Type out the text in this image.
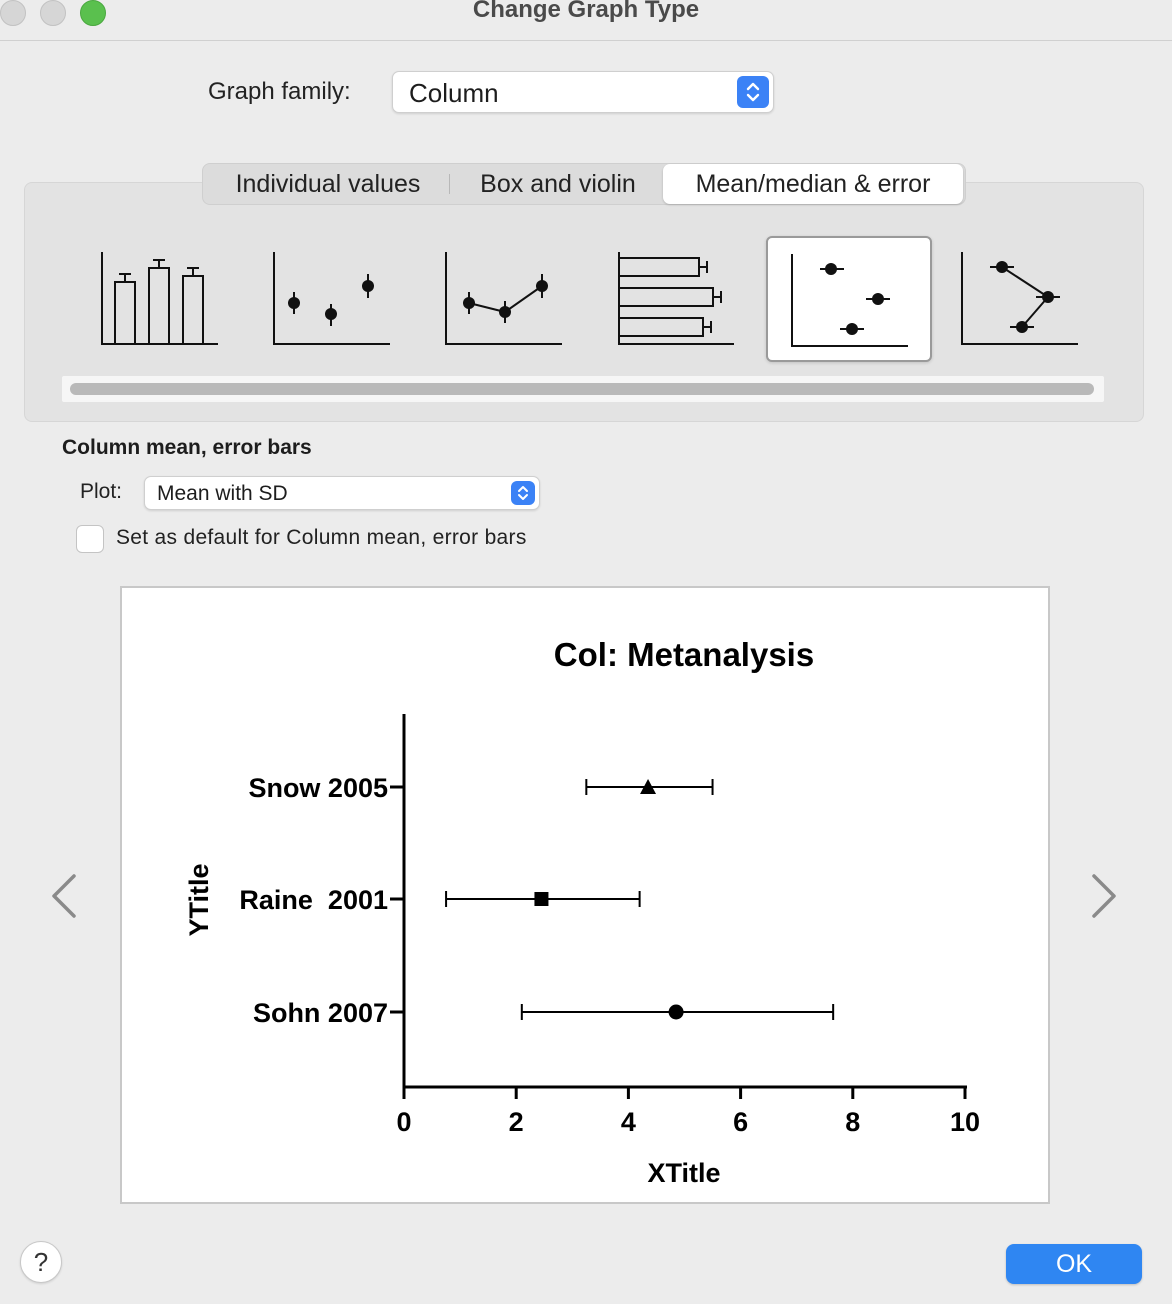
Change Graph Type
Graph family: Column
Individual values	Box and violin	Mean/median & error
Column mean, error bars
Plot: Mean with SD
Set as default for Column mean, error bars
Col: Metanalysis
XTitle
YTitle
0	2	4	6	8	10
Snow 2005
Raine  2001
Sohn 2007
?	OK
